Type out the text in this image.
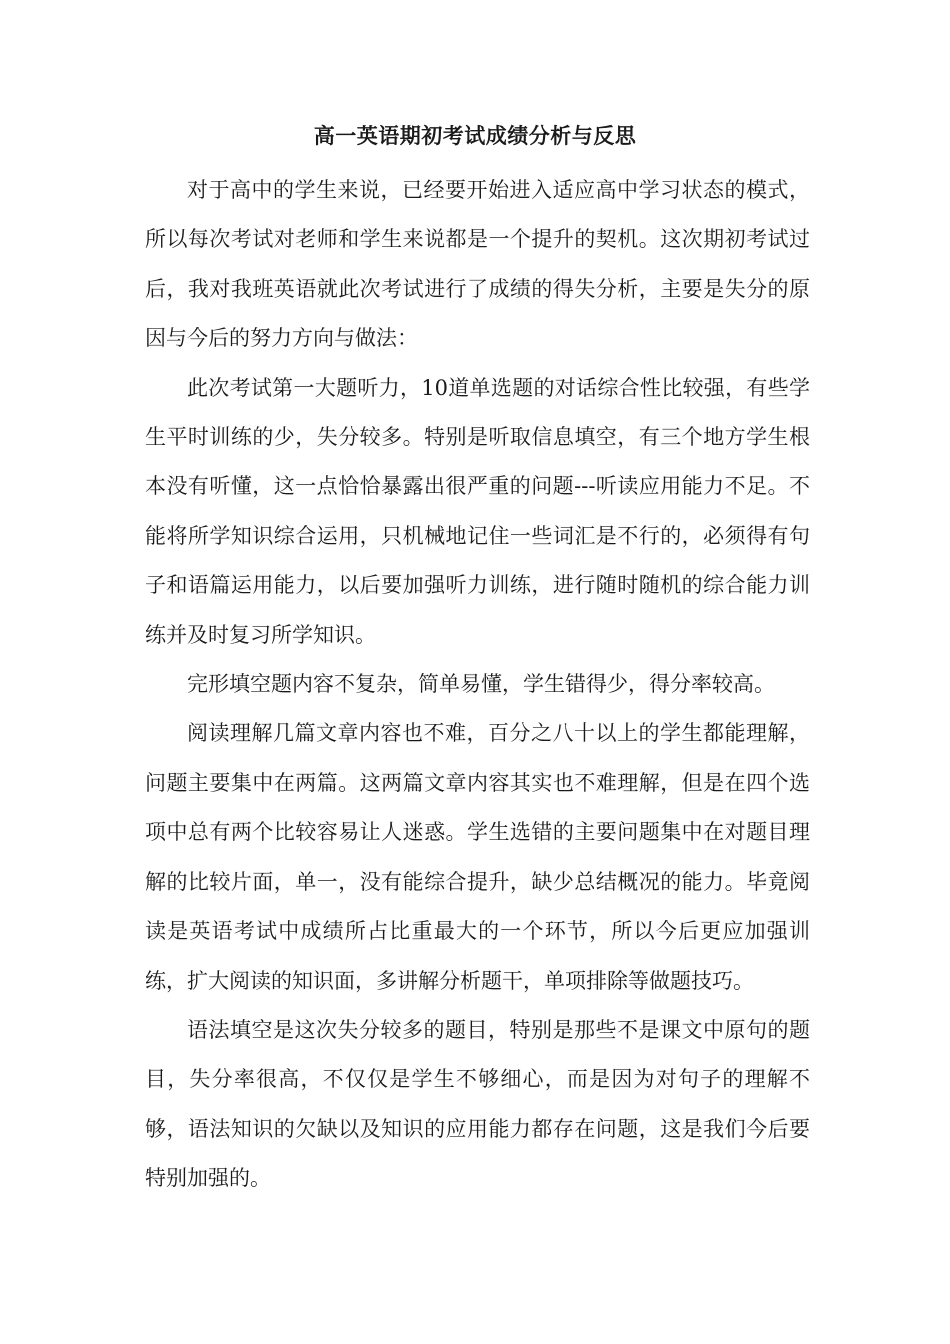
高一英语期初考试成绩分析与反思

对于高中的学生来说，已经要开始进入适应高中学习状态的模式，所以每次考试对老师和学生来说都是一个提升的契机。这次期初考试过后，我对我班英语就此次考试进行了成绩的得失分析，主要是失分的原因与今后的努力方向与做法：

此次考试第一大题听力，10道单选题的对话综合性比较强，有些学生平时训练的少，失分较多。特别是听取信息填空，有三个地方学生根本没有听懂，这一点恰恰暴露出很严重的问题---听读应用能力不足。不能将所学知识综合运用，只机械地记住一些词汇是不行的，必须得有句子和语篇运用能力，以后要加强听力训练，进行随时随机的综合能力训练并及时复习所学知识。

完形填空题内容不复杂，简单易懂，学生错得少，得分率较高。

阅读理解几篇文章内容也不难，百分之八十以上的学生都能理解，问题主要集中在两篇。这两篇文章内容其实也不难理解，但是在四个选项中总有两个比较容易让人迷惑。学生选错的主要问题集中在对题目理解的比较片面，单一，没有能综合提升，缺少总结概况的能力。毕竟阅读是英语考试中成绩所占比重最大的一个环节，所以今后更应加强训练，扩大阅读的知识面，多讲解分析题干，单项排除等做题技巧。

语法填空是这次失分较多的题目，特别是那些不是课文中原句的题目，失分率很高，不仅仅是学生不够细心，而是因为对句子的理解不够，语法知识的欠缺以及知识的应用能力都存在问题，这是我们今后要特别加强的。
